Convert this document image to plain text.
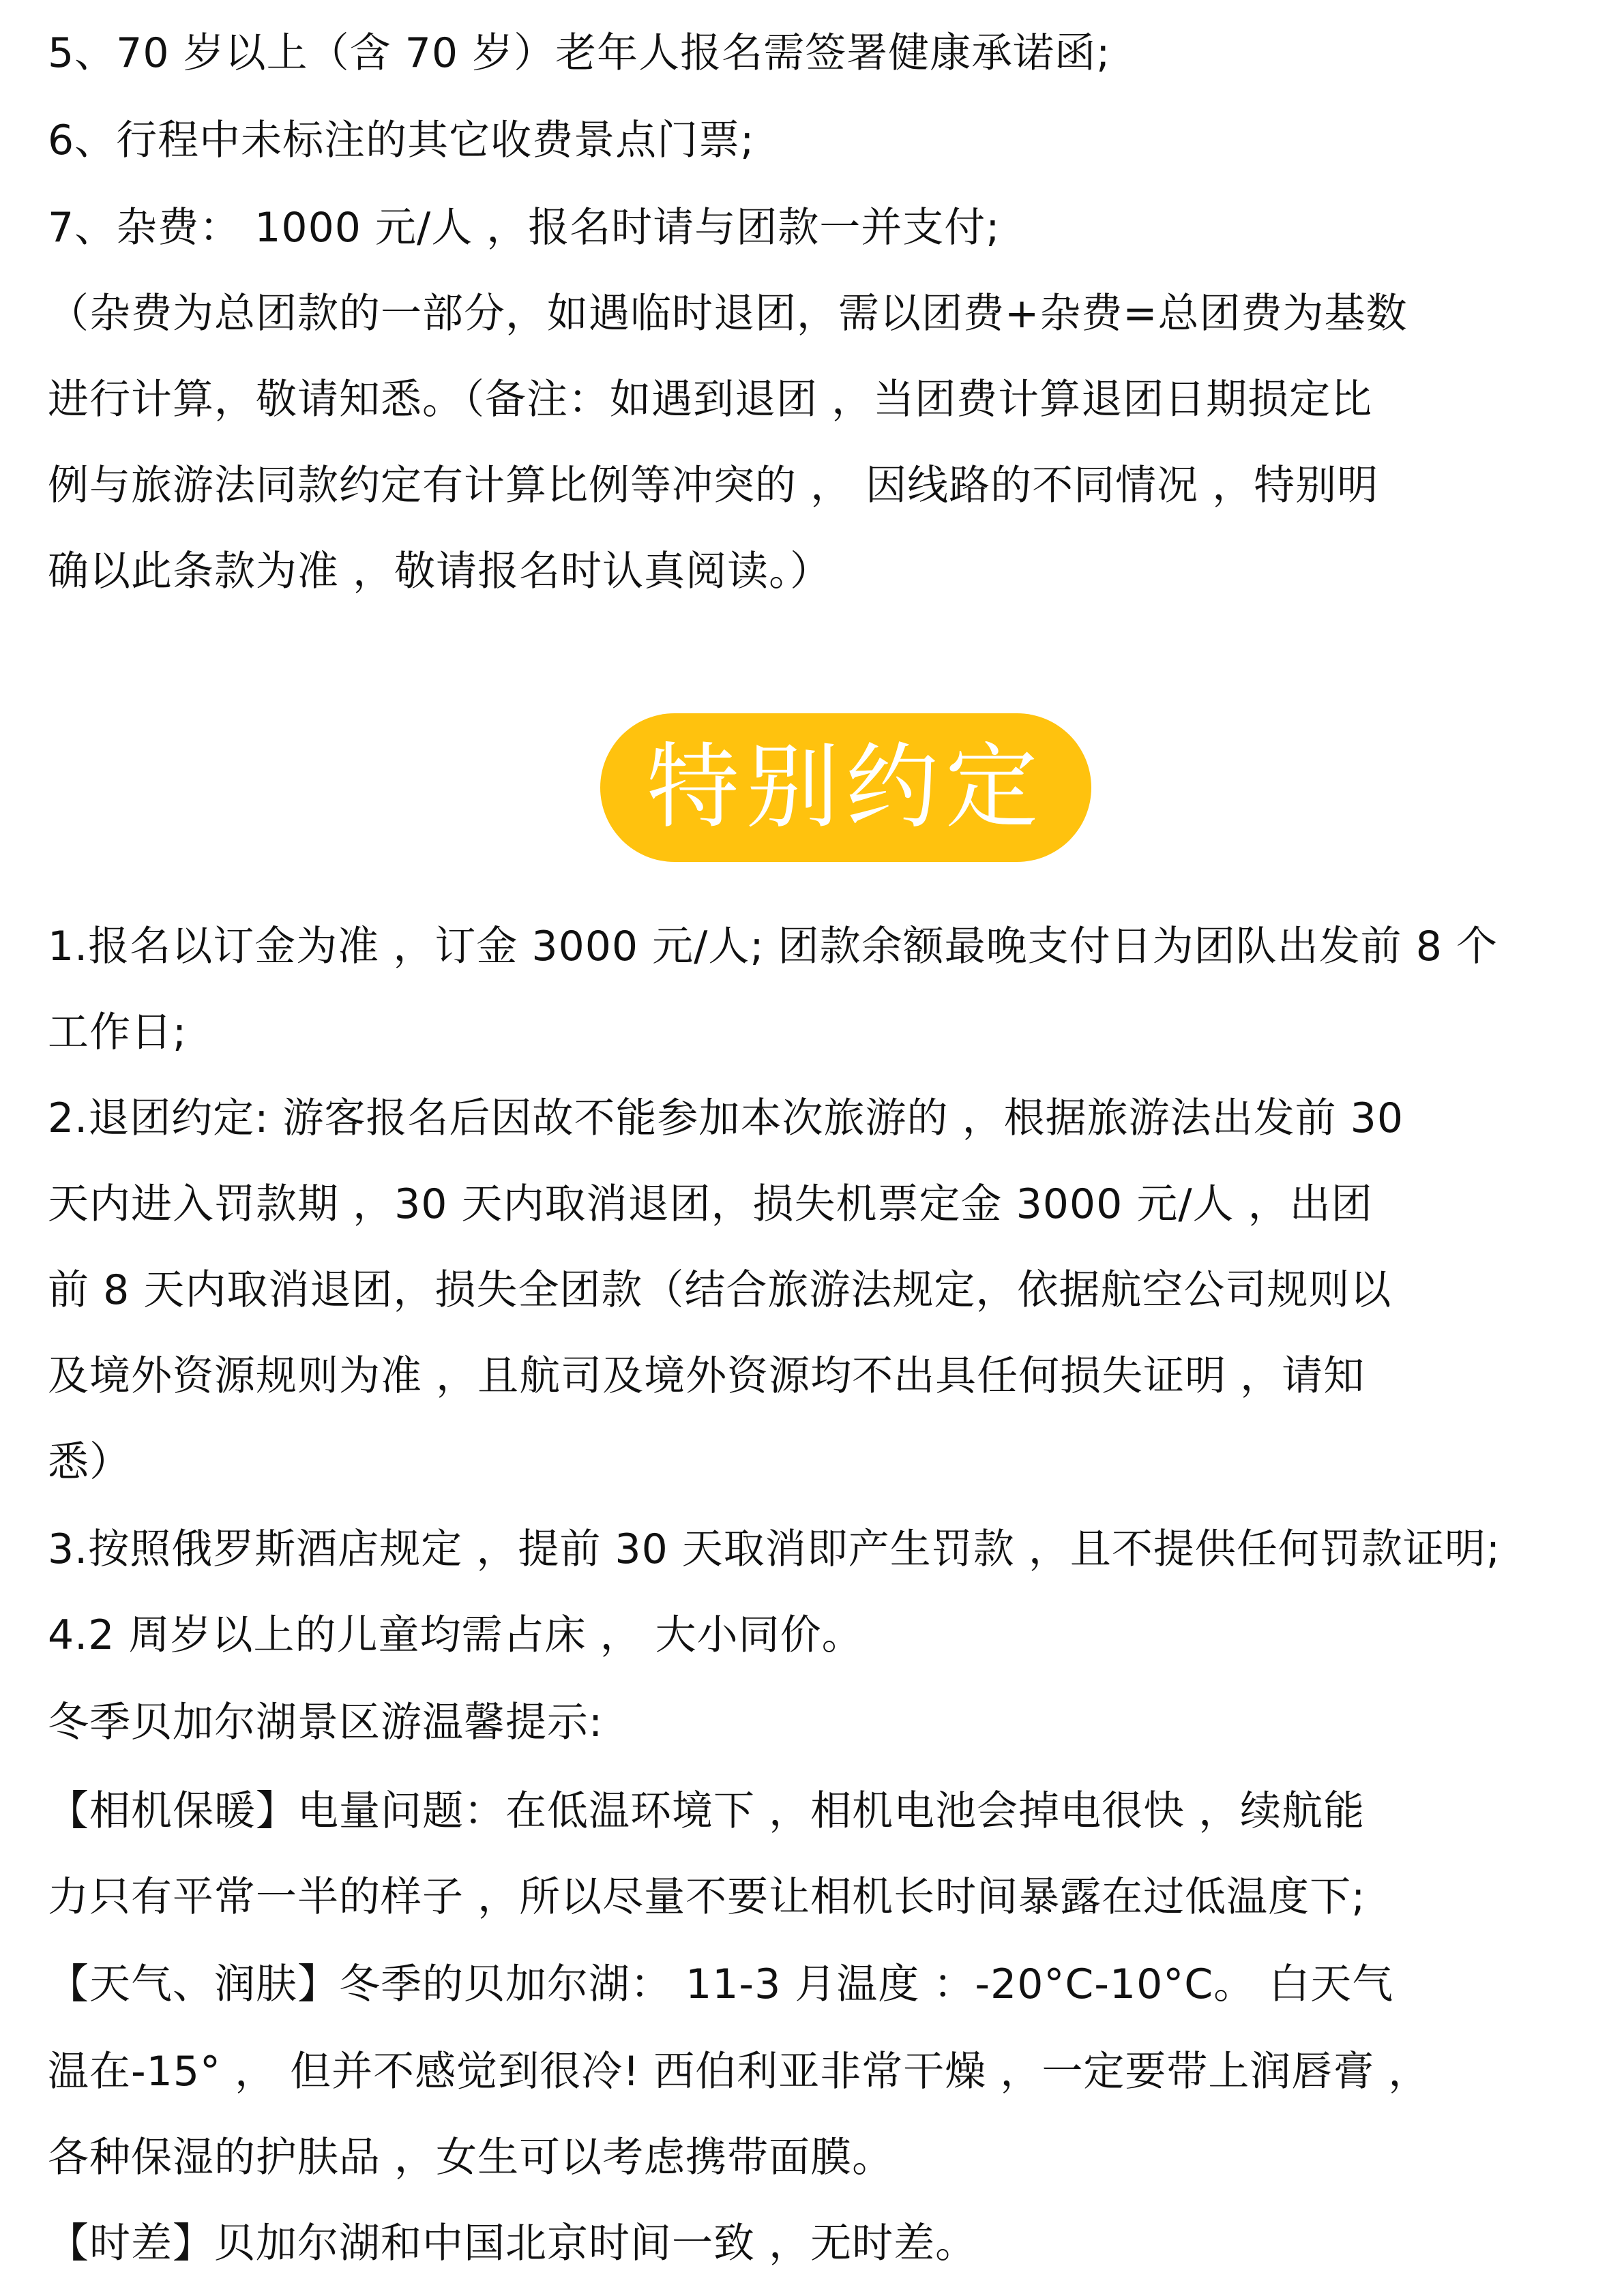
5、70 岁以上（含 70 岁）老年人报名需签署健康承诺函;
6、行程中未标注的其它收费景点门票;
7、杂费： 1000 元/人 ，报名时请与团款一并支付;
（杂费为总团款的一部分，如遇临时退团，需以团费+杂费=总团费为基数
进行计算，敬请知悉。（备注：如遇到退团 ，当团费计算退团日期损定比
例与旅游法同款约定有计算比例等冲突的 ， 因线路的不同情况 ，特别明
确以此条款为准 ，敬请报名时认真阅读。）
特别约定
1.报名以订金为准 ，订金 3000 元/人; 团款余额最晚支付日为团队出发前 8 个
工作日;
2.退团约定: 游客报名后因故不能参加本次旅游的 ，根据旅游法出发前 30
天内进入罚款期 ，30 天内取消退团，损失机票定金 3000 元/人 ，出团
前 8 天内取消退团，损失全团款（结合旅游法规定，依据航空公司规则以
及境外资源规则为准 ，且航司及境外资源均不出具任何损失证明 ，请知
悉）
3.按照俄罗斯酒店规定 ，提前 30 天取消即产生罚款 ，且不提供任何罚款证明;
4.2 周岁以上的儿童均需占床 ， 大小同价。
冬季贝加尔湖景区游温馨提示:
【相机保暖】电量问题：在低温环境下 ，相机电池会掉电很快 ，续航能
力只有平常一半的样子 ，所以尽量不要让相机长时间暴露在过低温度下;
【天气、润肤】冬季的贝加尔湖： 11-3 月温度 ：-20°C-10°C。 白天气
温在-15° ， 但并不感觉到很冷! 西伯利亚非常干燥 ，一定要带上润唇膏 ，
各种保湿的护肤品 ，女生可以考虑携带面膜。
【时差】贝加尔湖和中国北京时间一致 ，无时差。
